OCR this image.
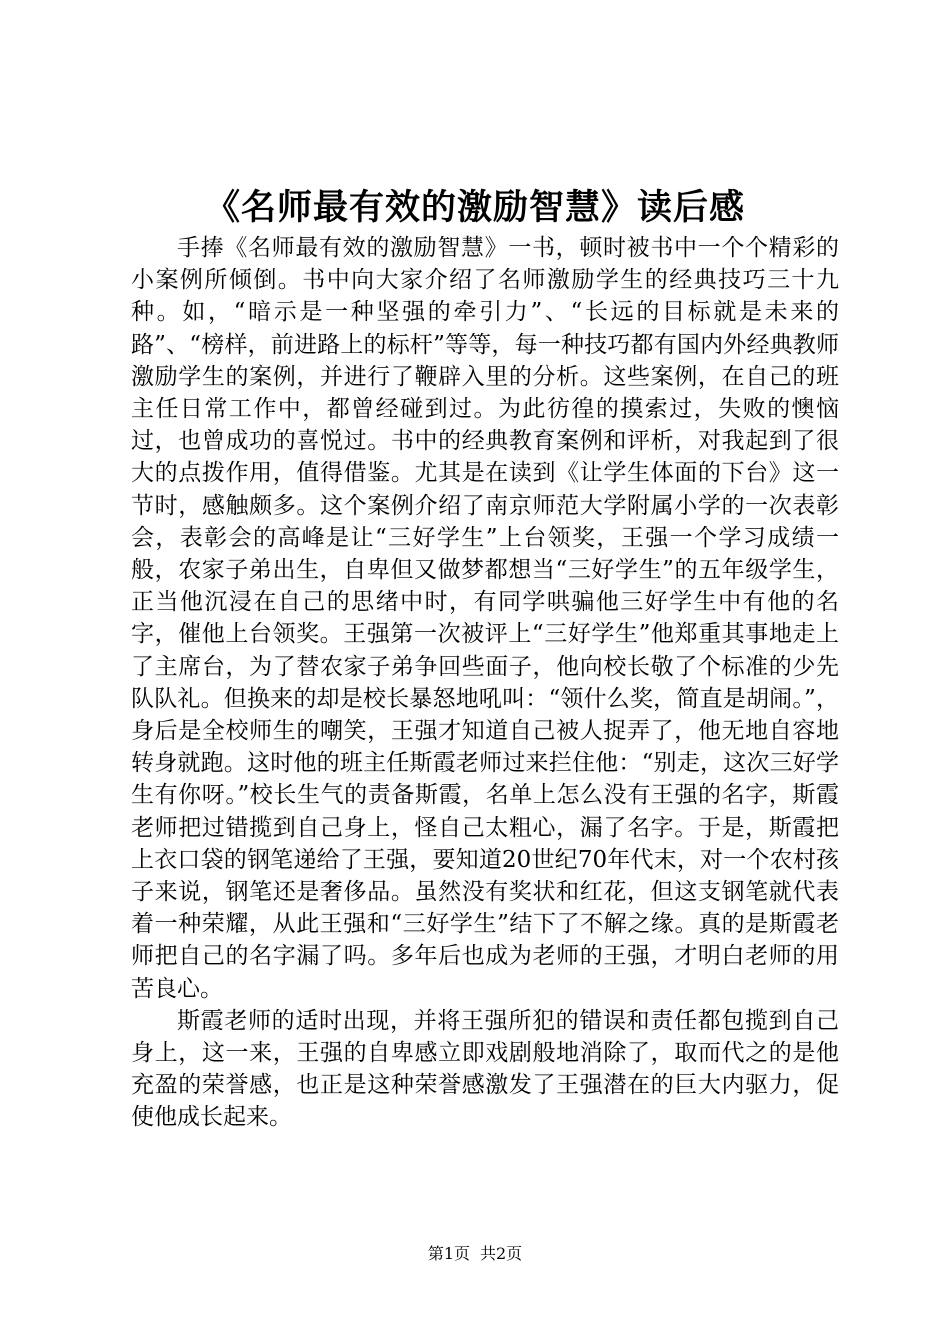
《名师最有效的激励智慧》读后感

手捧《名师最有效的激励智慧》一书，顿时被书中一个个精彩的小案例所倾倒。书中向大家介绍了名师激励学生的经典技巧三十九种。如，“暗示是一种坚强的牵引力”、“长远的目标就是未来的路”、“榜样，前进路上的标杆”等等，每一种技巧都有国内外经典教师激励学生的案例，并进行了鞭辟入里的分析。这些案例，在自己的班主任日常工作中，都曾经碰到过。为此彷徨的摸索过，失败的懊恼过，也曾成功的喜悦过。书中的经典教育案例和评析，对我起到了很大的点拨作用，值得借鉴。尤其是在读到《让学生体面的下台》这一节时，感触颇多。这个案例介绍了南京师范大学附属小学的一次表彰会，表彰会的高峰是让“三好学生”上台领奖，王强一个学习成绩一般，农家子弟出生，自卑但又做梦都想当“三好学生”的五年级学生，正当他沉浸在自己的思绪中时，有同学哄骗他三好学生中有他的名字，催他上台领奖。王强第一次被评上“三好学生”他郑重其事地走上了主席台，为了替农家子弟争回些面子，他向校长敬了个标准的少先队队礼。但换来的却是校长暴怒地吼叫：“领什么奖，简直是胡闹。”，身后是全校师生的嘲笑，王强才知道自己被人捉弄了，他无地自容地转身就跑。这时他的班主任斯霞老师过来拦住他：“别走，这次三好学生有你呀。”校长生气的责备斯霞，名单上怎么没有王强的名字，斯霞老师把过错揽到自己身上，怪自己太粗心，漏了名字。于是，斯霞把上衣口袋的钢笔递给了王强，要知道20世纪70年代末，对一个农村孩子来说，钢笔还是奢侈品。虽然没有奖状和红花，但这支钢笔就代表着一种荣耀，从此王强和“三好学生”结下了不解之缘。真的是斯霞老师把自己的名字漏了吗。多年后也成为老师的王强，才明白老师的用苦良心。

斯霞老师的适时出现，并将王强所犯的错误和责任都包揽到自己身上，这一来，王强的自卑感立即戏剧般地消除了，取而代之的是他充盈的荣誉感，也正是这种荣誉感激发了王强潜在的巨大内驱力，促使他成长起来。

第1页 共2页
